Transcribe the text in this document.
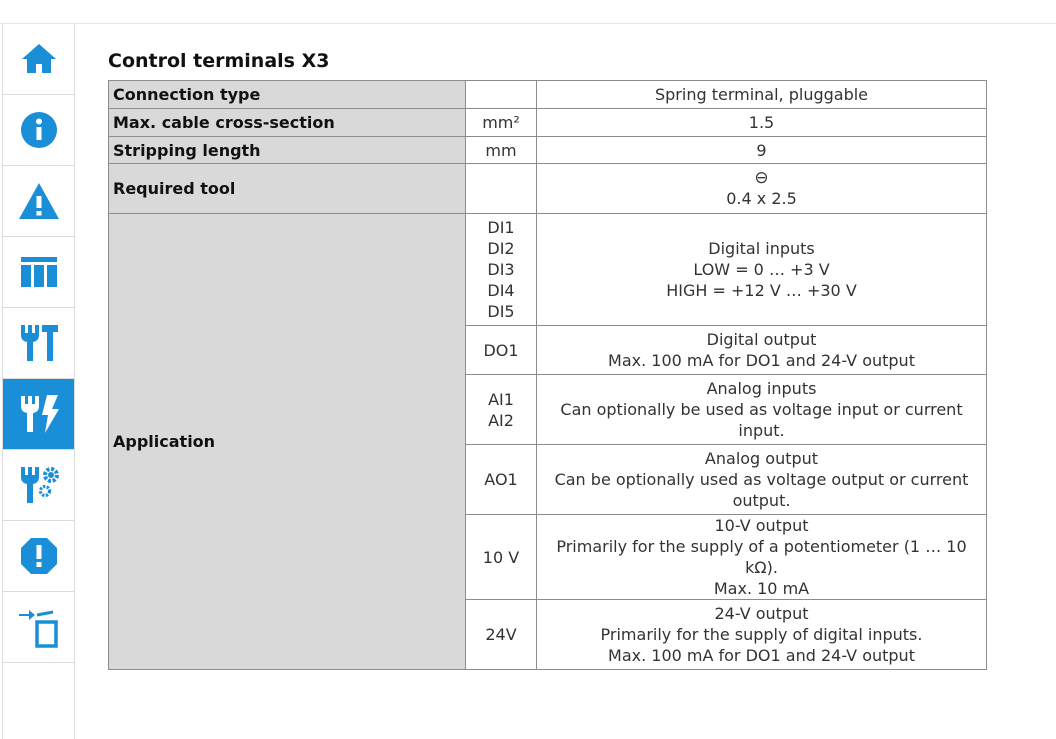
Control terminals X3
Connection type		Spring terminal, pluggable
Max. cable cross-section	mm²	1.5
Stripping length	mm	9
Required tool		⊖
0.4 x 2.5

Application	DI1
DI2
DI3
DI4
DI5	Digital inputs
LOW = 0 … +3 V
HIGH = +12 V … +30 V
	DO1	Digital output
Max. 100 mA for DO1 and 24-V output
	AI1
AI2	Analog inputs
Can optionally be used as voltage input or current
input.
	AO1	Analog output
Can be optionally used as voltage output or current
output.
	10 V	10-V output
Primarily for the supply of a potentiometer (1 … 10 kΩ).
Max. 10 mA
	24V	24-V output
Primarily for the supply of digital inputs.
Max. 100 mA for DO1 and 24-V output
